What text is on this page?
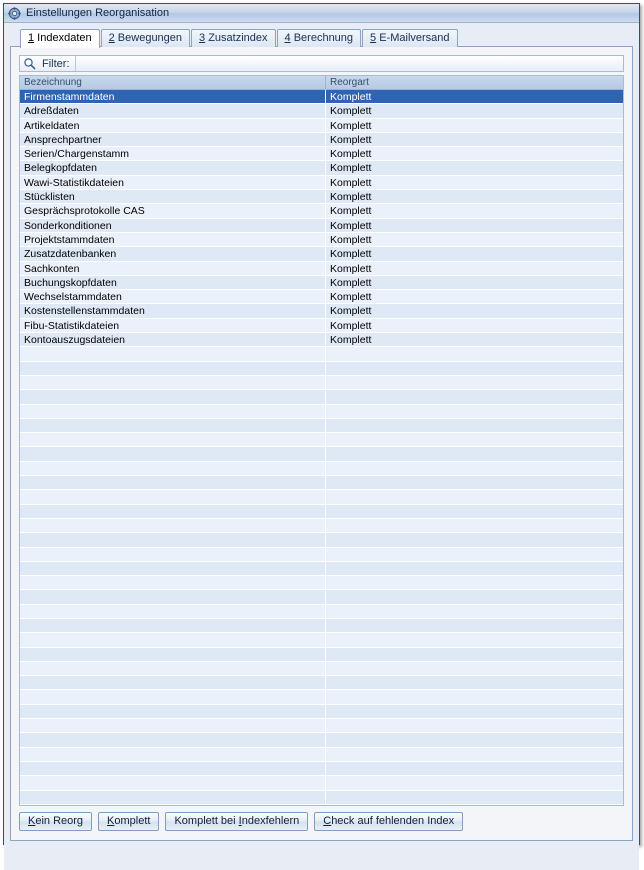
Einstellungen Reorganisation
1 Indexdaten	2 Bewegungen	3 Zusatzindex	4 Berechnung	5 E-Mailversand
Filter:
Bezeichnung	Reorgart
Firmenstammdaten	Komplett
Adreßdaten	Komplett
Artikeldaten	Komplett
Ansprechpartner	Komplett
Serien/Chargenstamm	Komplett
Belegkopfdaten	Komplett
Wawi-Statistikdateien	Komplett
Stücklisten	Komplett
Gesprächsprotokolle CAS	Komplett
Sonderkonditionen	Komplett
Projektstammdaten	Komplett
Zusatzdatenbanken	Komplett
Sachkonten	Komplett
Buchungskopfdaten	Komplett
Wechselstammdaten	Komplett
Kostenstellenstammdaten	Komplett
Fibu-Statistikdateien	Komplett
Kontoauszugsdateien	Komplett
Kein Reorg	Komplett	Komplett bei Indexfehlern	Check auf fehlenden Index
